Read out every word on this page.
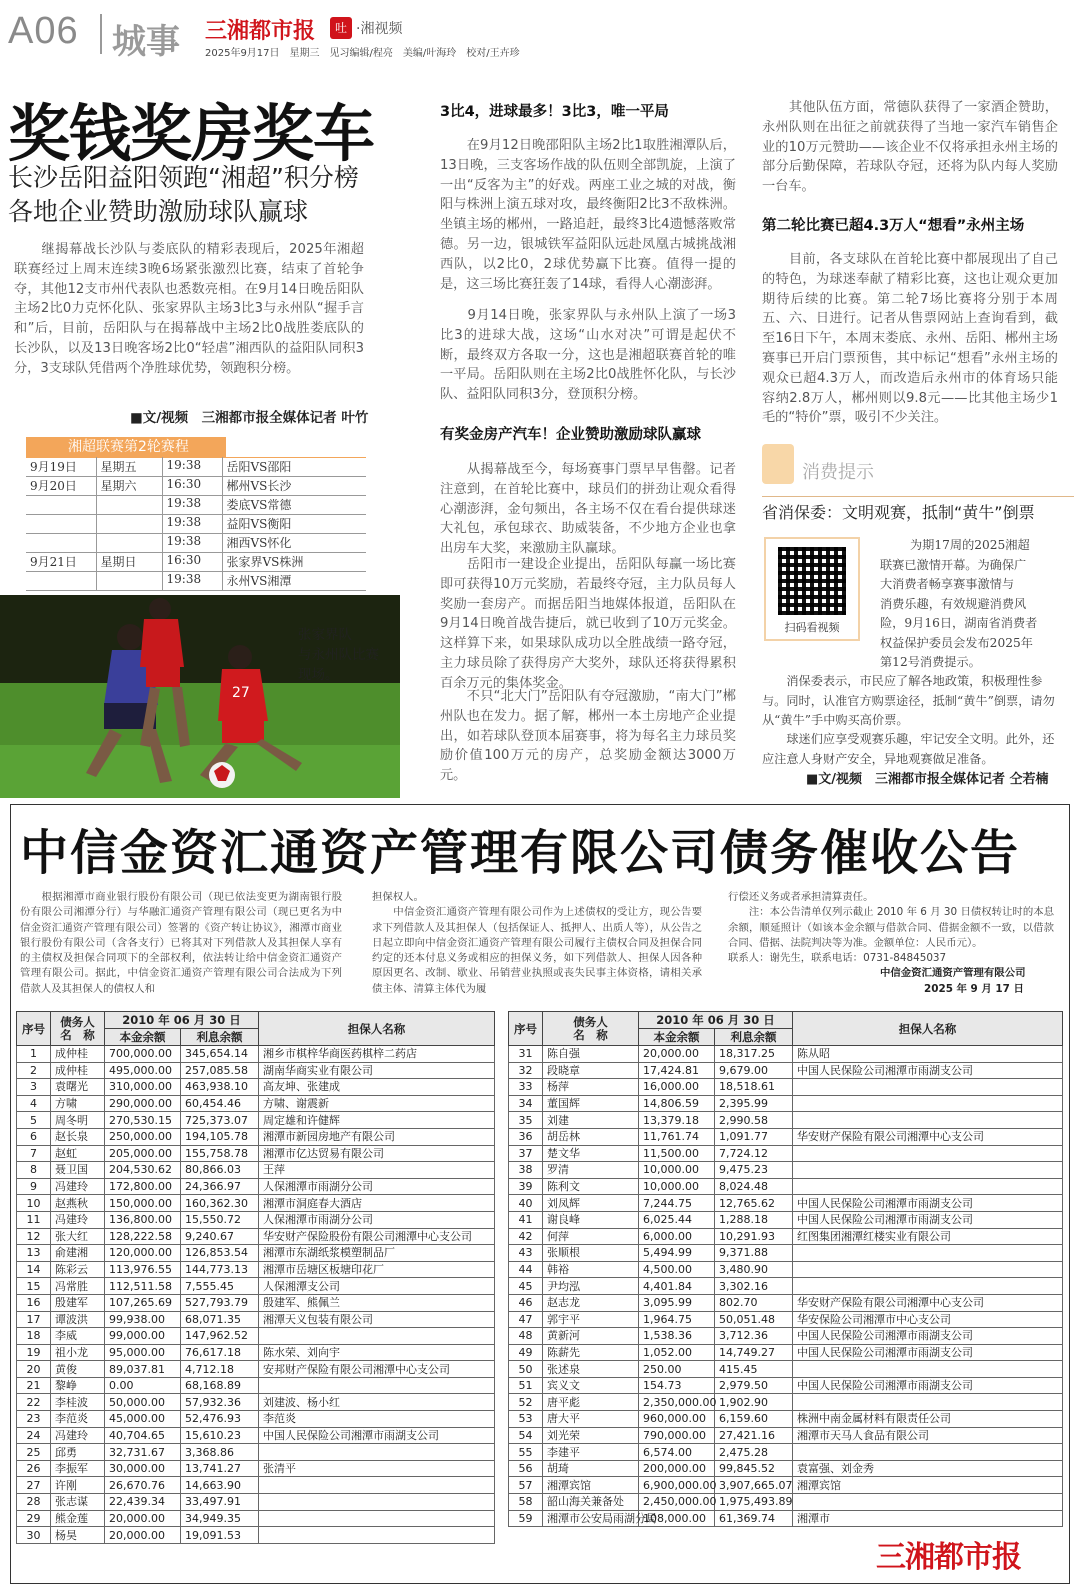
A06 城事 三湘都市报	吐 ·湘视频
2025年9月17日　星期三　见习编辑/程亮　美编/叶海玲　校对/王卉珍
奖钱奖房奖车
长沙岳阳益阳领跑“湘超”积分榜
各地企业赞助激励球队赢球
　　继揭幕战长沙队与娄底队的精彩表现后，2025年湘超联赛经过上周末连续3晚6场紧张激烈比赛，结束了首轮争夺，其他12支市州代表队也悉数亮相。在9月14日晚岳阳队主场2比0力克怀化队、张家界队主场3比3与永州队“握手言和”后，目前，岳阳队与在揭幕战中主场2比0战胜娄底队的长沙队，以及13日晚客场2比0“轻虐”湘西队的益阳队同积3分，3支球队凭借两个净胜球优势，领跑积分榜。
■文/视频　三湘都市报全媒体记者 叶竹
湘超联赛第2轮赛程
9月19日	星期五	19:38	岳阳VS邵阳
9月20日	星期六	16:30	郴州VS长沙
		19:38	娄底VS常德
		19:38	益阳VS衡阳
		19:38	湘西VS怀化
9月21日	星期日	16:30	张家界VS株洲
		19:38	永州VS湘潭
27
张家界队
与永州队比赛
现场。
3比4，进球最多！3比3，唯一平局
　　在9月12日晚邵阳队主场2比1取胜湘潭队后，13日晚，三支客场作战的队伍则全部凯旋，上演了一出“反客为主”的好戏。两座工业之城的对战，衡阳与株洲上演五球对攻，最终衡阳2比3不敌株洲。坐镇主场的郴州，一路追赶，最终3比4遗憾落败常德。另一边，银城铁军益阳队远赴凤凰古城挑战湘西队，以2比0，2球优势赢下比赛。值得一提的是，这三场比赛狂轰了14球，看得人心潮澎湃。
　　9月14日晚，张家界队与永州队上演了一场3比3的进球大战，这场“山水对决”可谓是起伏不断，最终双方各取一分，这也是湘超联赛首轮的唯一平局。岳阳队则在主场2比0战胜怀化队，与长沙队、益阳队同积3分，登顶积分榜。
有奖金房产汽车！企业赞助激励球队赢球
　　从揭幕战至今，每场赛事门票早早售罄。记者注意到，在首轮比赛中，球员们的拼劲让观众看得心潮澎湃，金句频出，各主场不仅在看台提供球迷大礼包，承包球衣、助威装备，不少地方企业也拿出房车大奖，来激励主队赢球。
　　岳阳市一建设企业提出，岳阳队每赢一场比赛即可获得10万元奖励，若最终夺冠，主力队员每人奖励一套房产。而据岳阳当地媒体报道，岳阳队在9月14日晚首战告捷后，就已收到了10万元奖金。这样算下来，如果球队成功以全胜战绩一路夺冠，主力球员除了获得房产大奖外，球队还将获得累积百余万元的集体奖金。
　　不只“北大门”岳阳队有夺冠激励，“南大门”郴州队也在发力。据了解，郴州一本土房地产企业提出，如若球队登顶本届赛事，将为每名主力球员奖励价值100万元的房产，总奖励金额达3000万元。
　　其他队伍方面，常德队获得了一家酒企赞助，永州队则在出征之前就获得了当地一家汽车销售企业的10万元赞助——该企业不仅将承担永州主场的部分后勤保障，若球队夺冠，还将为队内每人奖励一台车。
第二轮比赛已超4.3万人“想看”永州主场
　　目前，各支球队在首轮比赛中都展现出了自己的特色，为球迷奉献了精彩比赛，这也让观众更加期待后续的比赛。第二轮7场比赛将分别于本周五、六、日进行。记者从售票网站上查询看到，截至16日下午，本周末娄底、永州、岳阳、郴州主场赛事已开启门票预售，其中标记“想看”永州主场的观众已超4.3万人，而改造后永州市的体育场只能容纳2.8万人，郴州则以9.8元——比其他主场少1毛的“特价”票，吸引不少关注。
消费提示
省消保委：文明观赛，抵制“黄牛”倒票
扫码看视频
为期17周的2025湘超
联赛已激情开幕。为确保广
大消费者畅享赛事激情与
消费乐趣，有效规避消费风
险，9月16日，湖南省消费者
权益保护委员会发布2025年
第12号消费提示。
　　消保委表示，市民应了解各地政策，积极理性参与。同时，认准官方购票途径，抵制“黄牛”倒票，请勿从“黄牛”手中购买高价票。
　　球迷们应享受观赛乐趣，牢记安全文明。此外，还应注意人身财产安全，异地观赛做足准备。
■文/视频　三湘都市报全媒体记者 仝若楠
中信金资汇通资产管理有限公司债务催收公告
　　根据湘潭市商业银行股份有限公司（现已依法变更为湖南银行股份有限公司湘潭分行）与华融汇通资产管理有限公司（现已更名为中信金资汇通资产管理有限公司）签署的《资产转让协议》，湘潭市商业银行股份有限公司（含各支行）已将其对下列借款人及其担保人享有的主债权及担保合同项下的全部权利，依法转让给中信金资汇通资产管理有限公司。据此，中信金资汇通资产管理有限公司合法成为下列借款人及其担保人的债权人和
担保权人。
　　中信金资汇通资产管理有限公司作为上述债权的受让方，现公告要求下列借款人及其担保人（包括保证人、抵押人、出质人等），从公告之日起立即向中信金资汇通资产管理有限公司履行主债权合同及担保合同约定的还本付息义务或相应的担保义务，如下列借款人、担保人因各种原因更名、改制、歇业、吊销营业执照或丧失民事主体资格，请相关承债主体、清算主体代为履
行偿还义务或者承担清算责任。
　　注：本公告清单仅列示截止 2010 年 6 月 30 日债权转让时的本息余额，顺延照计（如该本金余额与借款合同、借据金额不一致，以借款合同、借据、法院判决等为准。金额单位：人民币元）。
联系人：谢先生，联系电话：0731-84845037
中信金资汇通资产管理有限公司
2025 年 9 月 17 日
序号	债务人
名　称	2010 年 06 月 30 日		担保人名称
		本金余额	利息余额	
1	成仲桂	700,000.00	345,654.14	湘乡市棋梓华商医药棋梓二药店
2	成仲桂	495,000.00	257,085.58	湖南华商实业有限公司
3	袁曙光	310,000.00	463,938.10	高友坤、张建成
4	方啸	290,000.00	60,454.46	方啸、谢震新
5	周冬明	270,530.15	725,373.07	周定雄和许健辉
6	赵长泉	250,000.00	194,105.78	湘潭市新园房地产有限公司
7	赵虹	205,000.00	155,758.78	湘潭市亿达贸易有限公司
8	聂卫国	204,530.62	80,866.03	王萍
9	冯建玲	172,800.00	24,366.97	人保湘潭市雨湖分公司
10	赵燕秋	150,000.00	160,362.30	湘潭市洞庭春大酒店
11	冯建玲	136,800.00	15,550.72	人保湘潭市雨湖分公司
12	张大红	128,222.58	9,240.67	华安财产保险股份有限公司湘潭中心支公司
13	俞建湘	120,000.00	126,853.54	湘潭市东湖纸浆模塑制品厂
14	陈彩云	113,976.55	144,773.13	湘潭市岳塘区板塘印花厂
15	冯常胜	112,511.58	7,555.45	人保湘潭支公司
16	殷建军	107,265.69	527,793.79	殷建军、熊佩兰
17	谭波洪	99,938.00	68,071.35	湘潭天义包装有限公司
18	李威	99,000.00	147,962.52	
19	祖小龙	95,000.00	76,617.18	陈水荣、刘向宇
20	黄俊	89,037.81	4,712.18	安邦财产保险有限公司湘潭中心支公司
21	黎峥	0.00	68,168.89	
22	李桂波	50,000.00	57,932.36	刘建波、杨小红
23	李范炎	45,000.00	52,476.93	李范炎
24	冯建玲	40,704.65	15,610.23	中国人民保险公司湘潭市雨湖支公司
25	邱勇	32,731.67	3,368.86	
26	李振军	30,000.00	13,741.27	张清平
27	许刚	26,670.76	14,663.90	
28	张志谋	22,439.34	33,497.91	
29	熊金莲	20,000.00	34,949.35	
30	杨昊	20,000.00	19,091.53	
序号	债务人
名　称	2010 年 06 月 30 日		担保人名称
		本金余额	利息余额	
31	陈自强	20,000.00	18,317.25	陈从昭
32	段晓章	17,424.81	9,679.00	中国人民保险公司湘潭市雨湖支公司
33	杨萍	16,000.00	18,518.61	
34	董国辉	14,806.59	2,395.99	
35	刘建	13,379.18	2,990.58	
36	胡岳林	11,761.74	1,091.77	华安财产保险有限公司湘潭中心支公司
37	楚文华	11,500.00	7,724.12	
38	罗清	10,000.00	9,475.23	
39	陈利文	10,000.00	8,024.48	
40	刘凤辉	7,244.75	12,765.62	中国人民保险公司湘潭市雨湖支公司
41	谢良峰	6,025.44	1,288.18	中国人民保险公司湘潭市雨湖支公司
42	何萍	6,000.00	10,291.93	红图集团湘潭红楼实业有限公司
43	张顺根	5,494.99	9,371.88	
44	韩裕	4,500.00	3,480.90	
45	尹均泓	4,401.84	3,302.16	
46	赵志龙	3,095.99	802.70	华安财产保险有限公司湘潭中心支公司
47	郭宇平	1,964.75	50,051.48	华安保险公司湘潭市中心支公司
48	黄新河	1,538.36	3,712.36	中国人民保险公司湘潭市雨湖支公司
49	陈薪先	1,052.00	14,749.27	中国人民保险公司湘潭市雨湖支公司
50	张述泉	250.00	415.45	
51	宾义文	154.73	2,979.50	中国人民保险公司湘潭市雨湖支公司
52	唐平彪	2,350,000.00	1,902.90	
53	唐大平	960,000.00	6,159.60	株洲中南金属材料有限责任公司
54	刘光荣	790,000.00	27,421.16	湘潭市天马人食品有限公司
55	李建平	6,574.00	2,475.28	
56	胡琦	200,000.00	99,845.52	袁富强、刘金秀
57	湘潭宾馆	6,900,000.00	3,907,665.07	湘潭宾馆
58	韶山海关兼备处	2,450,000.00	1,975,493.89	
59	湘潭市公安局雨湖分局	108,000.00	61,369.74	湘潭市
三湘都市报
